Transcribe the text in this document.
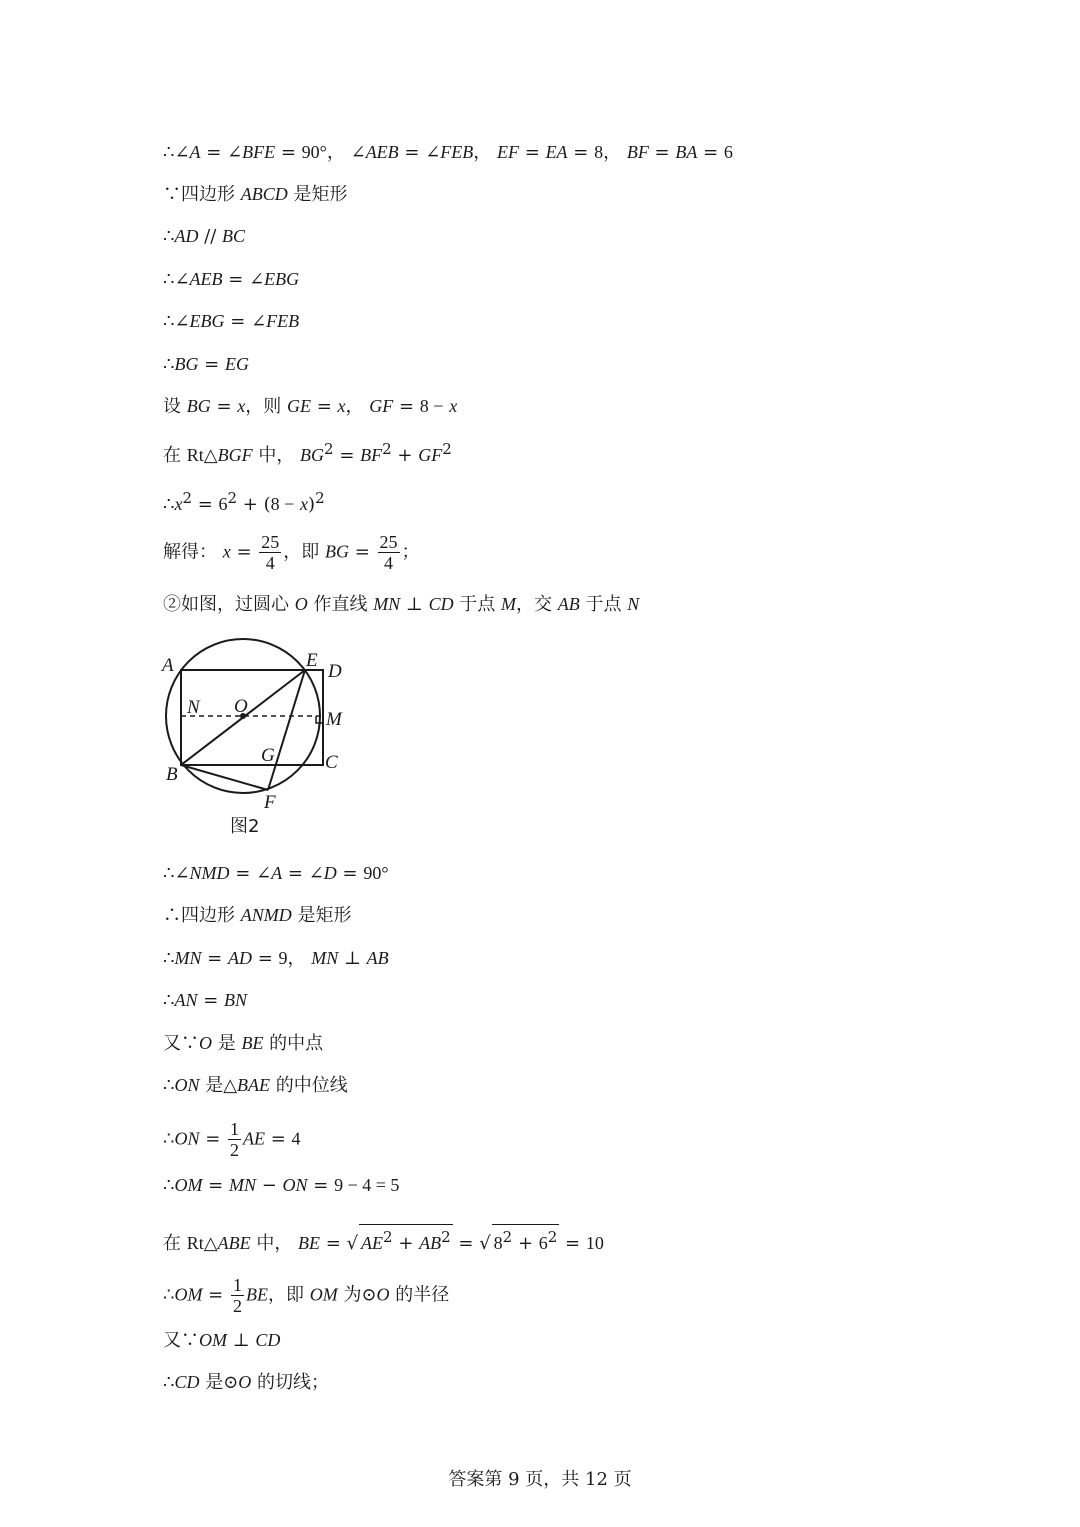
∴∠A = ∠BFE = 90°， ∠AEB = ∠FEB， EF = EA = 8， BF = BA = 6
∵四边形 ABCD 是矩形
∴AD // BC
∴∠AEB = ∠EBG
∴∠EBG = ∠FEB
∴BG = EG
设 BG = x，则 GE = x， GF = 8 − x
在 Rt△BGF 中， $BG^2 = BF^2 + GF^2$
$\therefore x^2 = 6^2 + (8 - x)^2$
解得： $x = \frac{25}{4}$ ，即 BG = $\frac{25}{4}$ ；
②如图，过圆心 O 作直线 MN ⊥ CD 于点 M，交 AB 于点 N
A	E
D
N O
M
G	C
B
F
图2
∴∠NMD = ∠A = ∠D = 90°
∴四边形 ANMD 是矩形
∴MN = AD = 9， MN ⊥ AB
∴AN = BN
又∵O 是 BE 的中点
∴ON 是△BAE 的中位线
∴ON = $\frac{1}{2}$ AE = 4
∴OM = MN − ON = 9 − 4 = 5
在 Rt△ABE 中， BE = √ $AE^2 + AB^2$ = √ $8^2 + 6^2 = 10$
∴OM = $\frac{1}{2}$ BE，即 OM 为⊙O 的半径
又∵OM ⊥ CD
∴CD 是⊙O 的切线；
答案第 9 页，共 12 页
